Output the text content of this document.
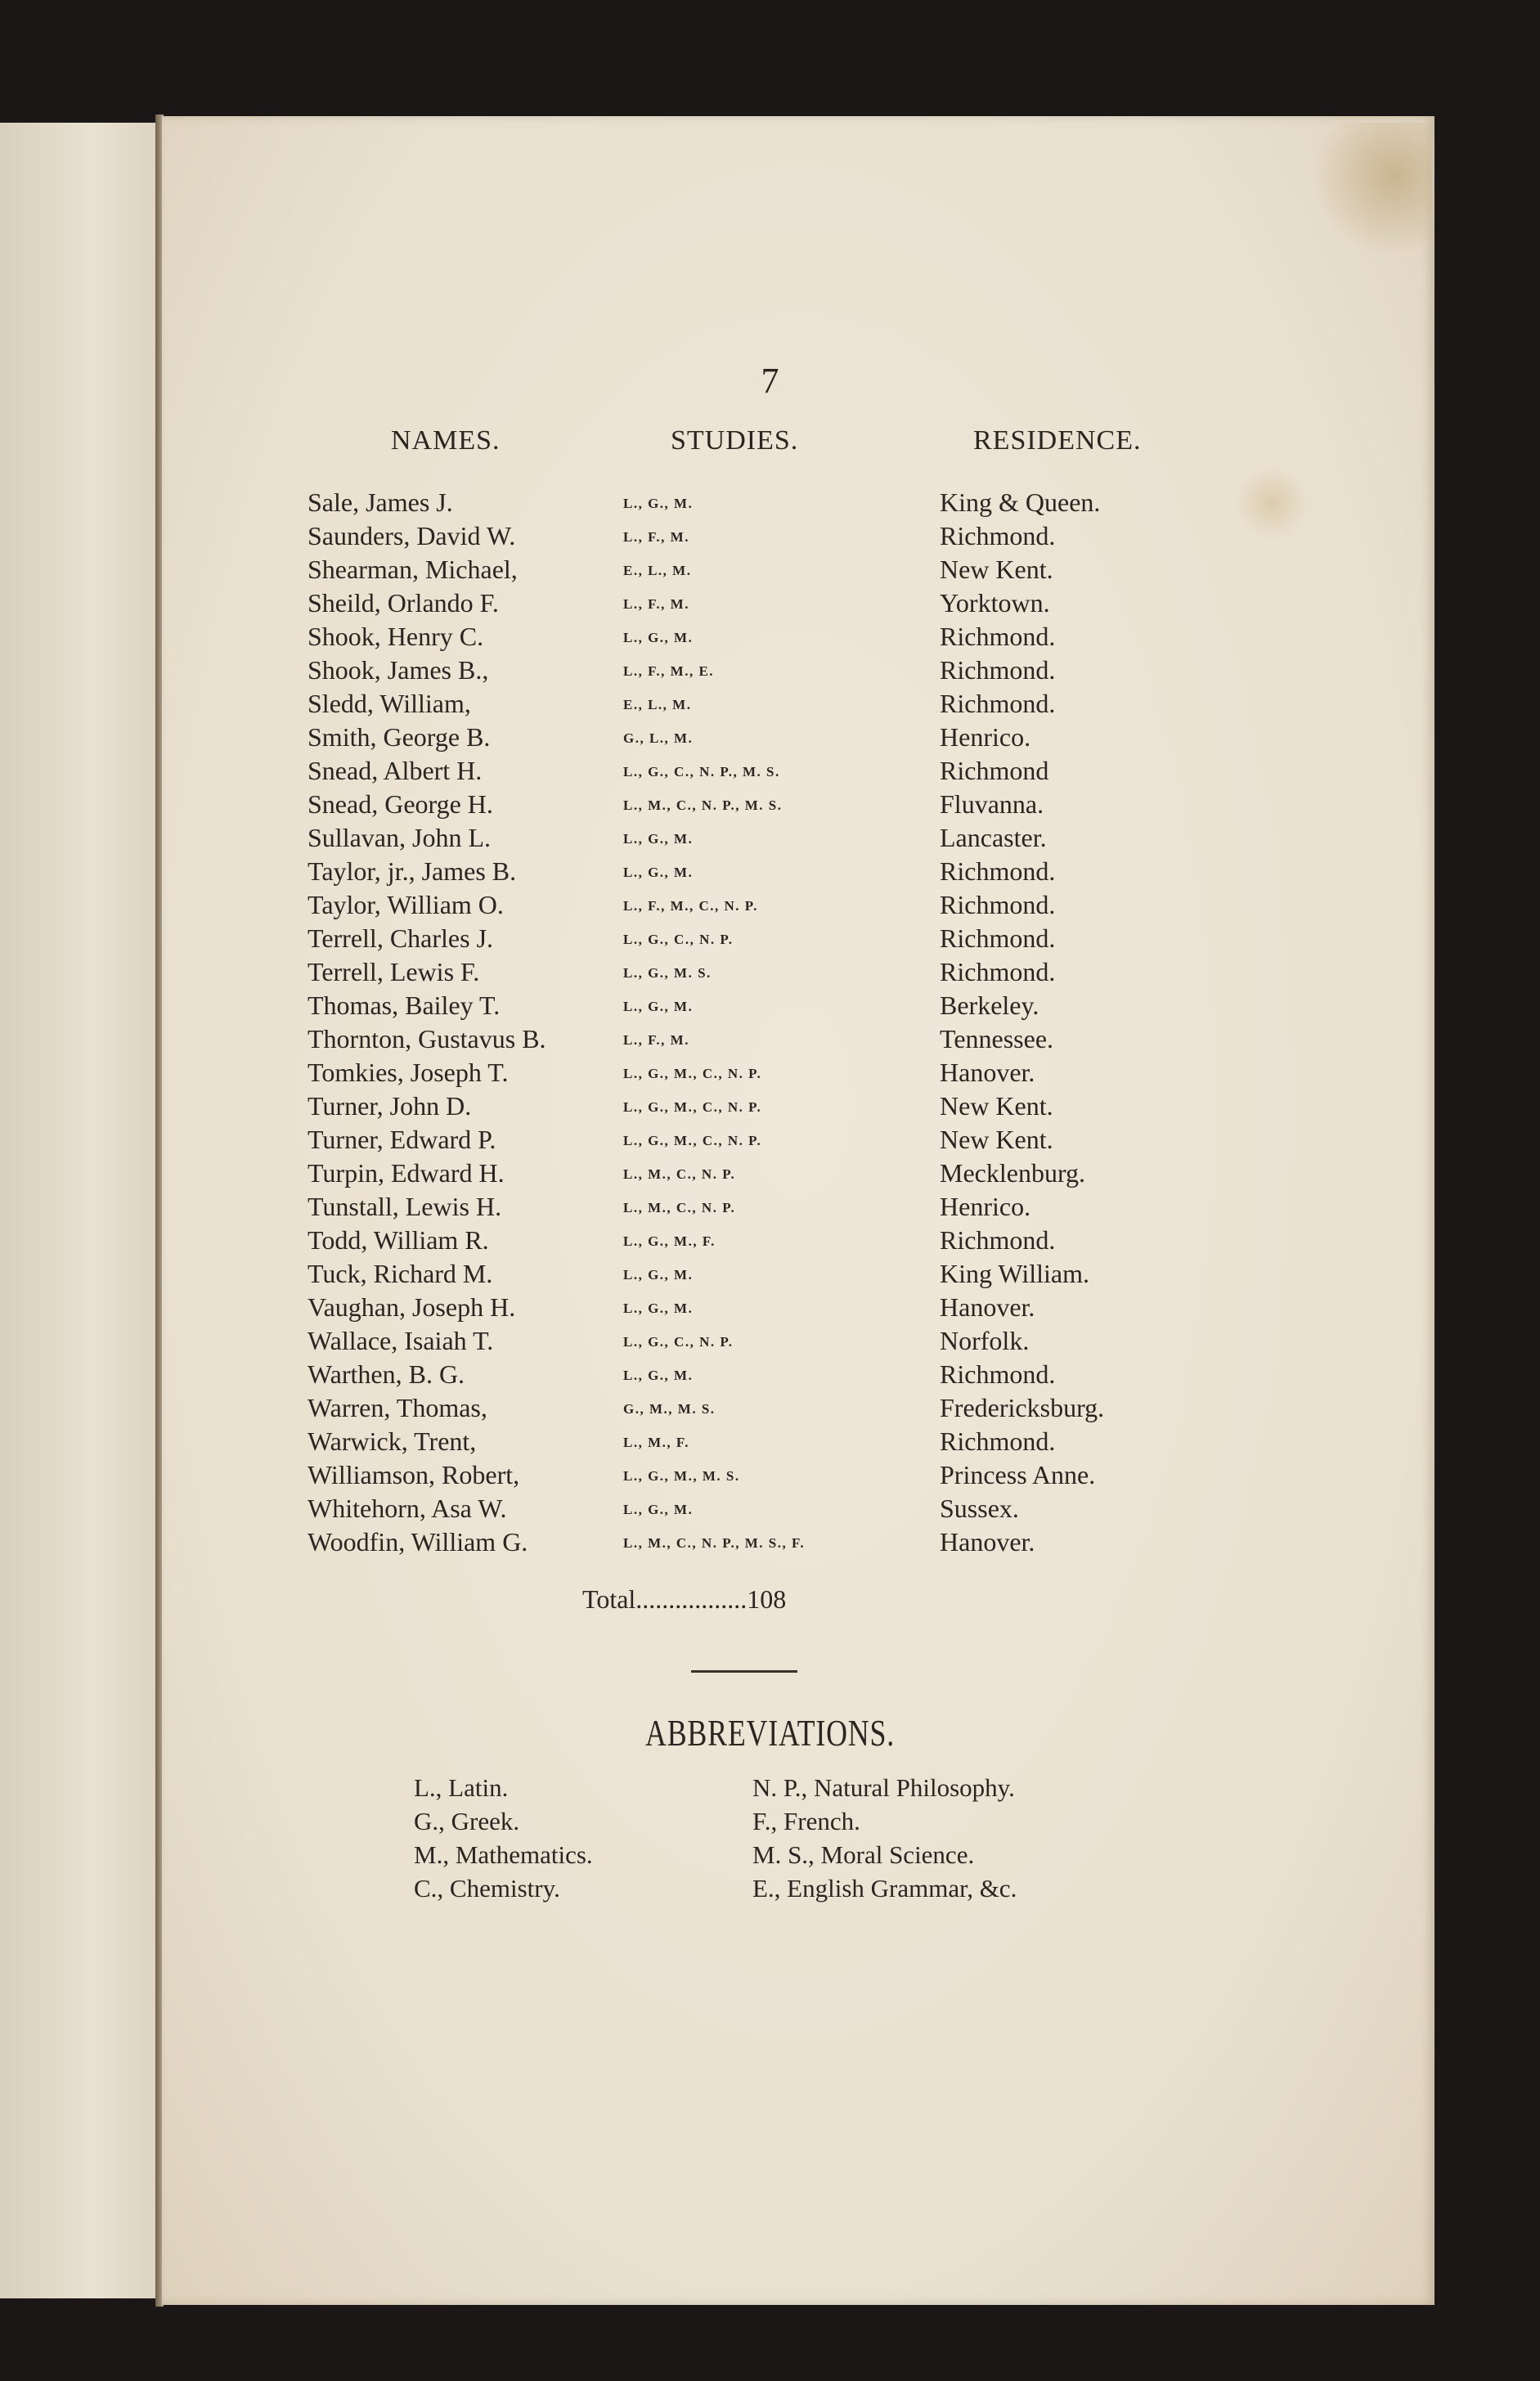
7
NAMES.	STUDIES.	RESIDENCE.
Sale, James J.	L., G., M.	King & Queen.
Saunders, David W.	L., F., M.	Richmond.
Shearman, Michael,	E., L., M.	New Kent.
Sheild, Orlando F.	L., F., M.	Yorktown.
Shook, Henry C.	L., G., M.	Richmond.
Shook, James B.,	L., F., M., E.	Richmond.
Sledd, William,	E., L., M.	Richmond.
Smith, George B.	G., L., M.	Henrico.
Snead, Albert H.	L., G., C., N. P., M. S.	Richmond
Snead, George H.	L., M., C., N. P., M. S.	Fluvanna.
Sullavan, John L.	L., G., M.	Lancaster.
Taylor, jr., James B.	L., G., M.	Richmond.
Taylor, William O.	L., F., M., C., N. P.	Richmond.
Terrell, Charles J.	L., G., C., N. P.	Richmond.
Terrell, Lewis F.	L., G., M. S.	Richmond.
Thomas, Bailey T.	L., G., M.	Berkeley.
Thornton, Gustavus B.	L., F., M.	Tennessee.
Tomkies, Joseph T.	L., G., M., C., N. P.	Hanover.
Turner, John D.	L., G., M., C., N. P.	New Kent.
Turner, Edward P.	L., G., M., C., N. P.	New Kent.
Turpin, Edward H.	L., M., C., N. P.	Mecklenburg.
Tunstall, Lewis H.	L., M., C., N. P.	Henrico.
Todd, William R.	L., G., M., F.	Richmond.
Tuck, Richard M.	L., G., M.	King William.
Vaughan, Joseph H.	L., G., M.	Hanover.
Wallace, Isaiah T.	L., G., C., N. P.	Norfolk.
Warthen, B. G.	L., G., M.	Richmond.
Warren, Thomas,	G., M., M. S.	Fredericksburg.
Warwick, Trent,	L., M., F.	Richmond.
Williamson, Robert,	L., G., M., M. S.	Princess Anne.
Whitehorn, Asa W.	L., G., M.	Sussex.
Woodfin, William G.	L., M., C., N. P., M. S., F.	Hanover.
Total.................108
ABBREVIATIONS.
L., Latin.
G., Greek.
M., Mathematics.
C., Chemistry.
N. P., Natural Philosophy.
F., French.
M. S., Moral Science.
E., English Grammar, &c.
